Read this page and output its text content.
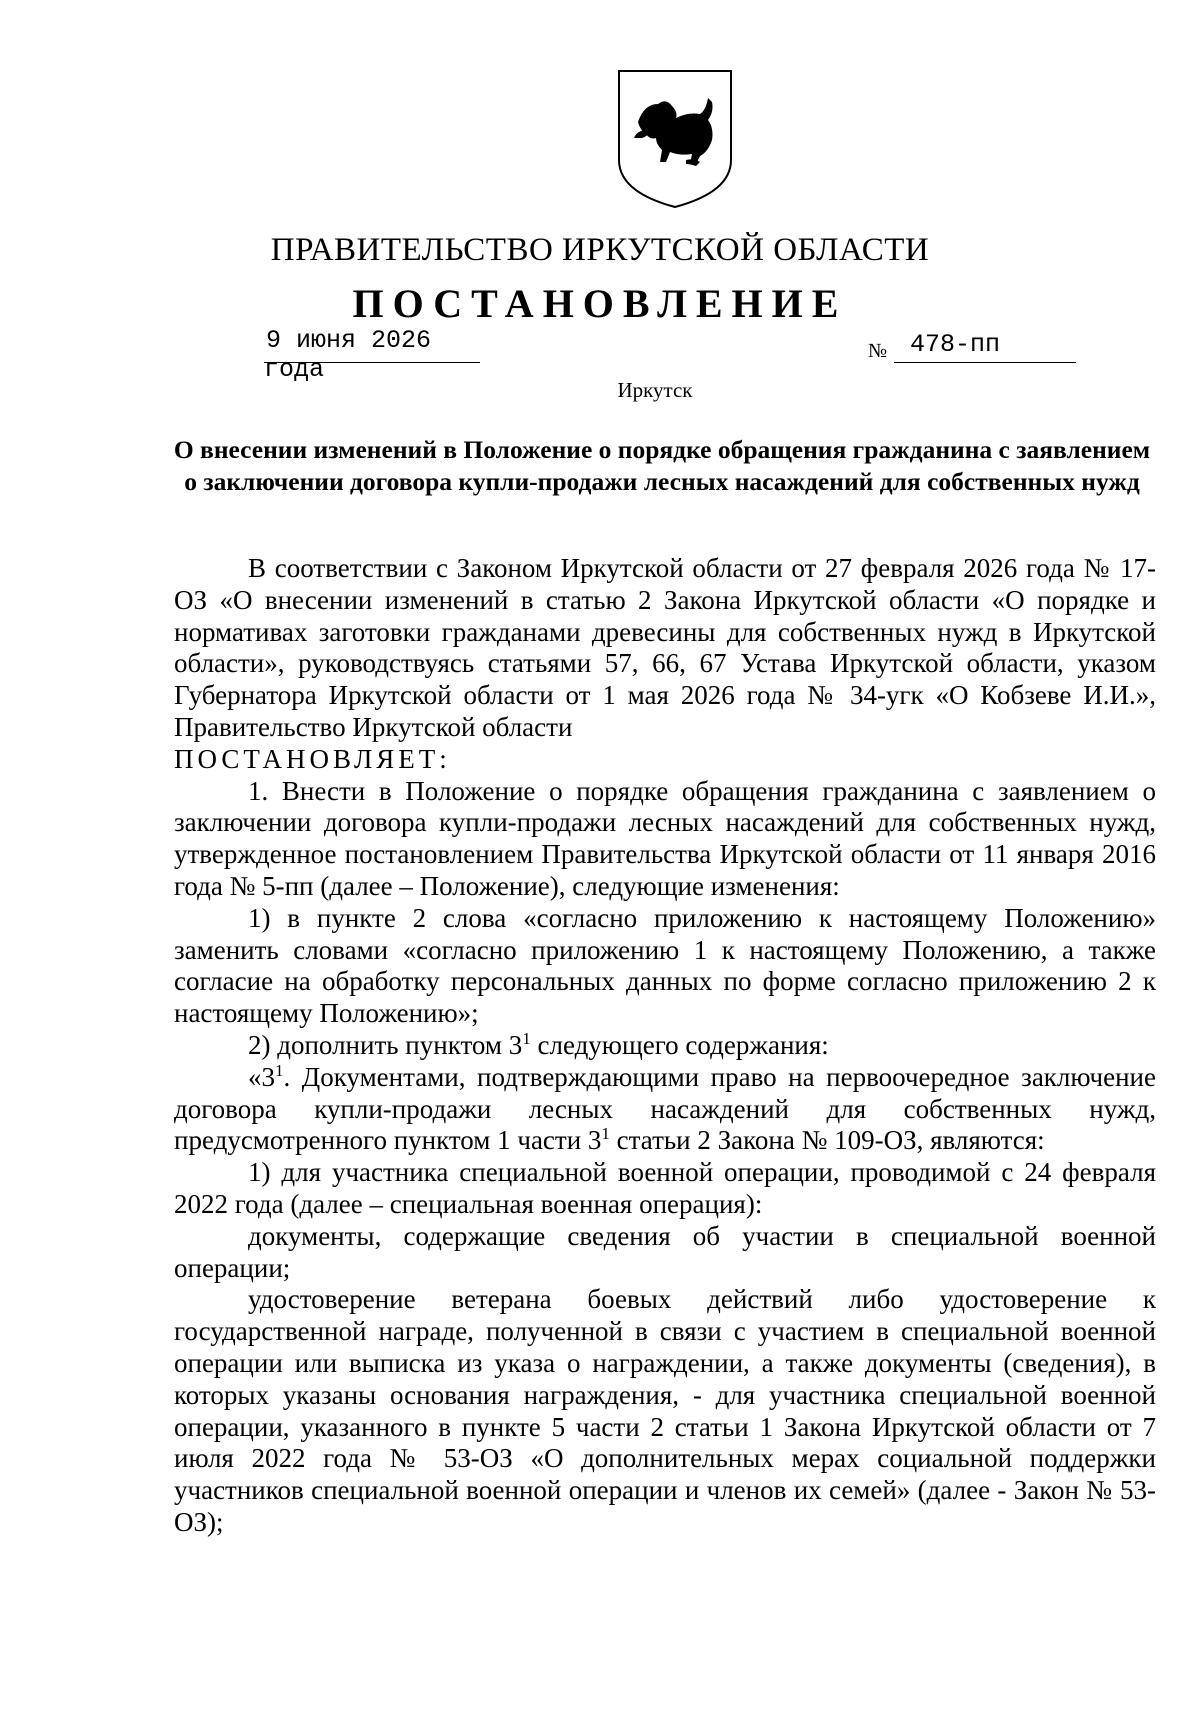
ПРАВИТЕЛЬСТВО ИРКУТСКОЙ ОБЛАСТИ
ПОСТАНОВЛЕНИЕ
9 июня 2026 года
№ 478-пп
Иркутск
О внесении изменений в Положение о порядке обращения гражданина с заявлением о заключении договора купли-продажи лесных насаждений для собственных нужд

В соответствии с Законом Иркутской области от 27 февраля 2026 года № 17-ОЗ «О внесении изменений в статью 2 Закона Иркутской области «О порядке и нормативах заготовки гражданами древесины для собственных нужд в Иркутской области», руководствуясь статьями 57, 66, 67 Устава Иркутской области, указом Губернатора Иркутской области от 1 мая 2026 года № 34-угк «О Кобзеве И.И.», Правительство Иркутской области

ПОСТАНОВЛЯЕТ:

1. Внести в Положение о порядке обращения гражданина с заявлением о заключении договора купли-продажи лесных насаждений для собственных нужд, утвержденное постановлением Правительства Иркутской области от 11 января 2016 года № 5-пп (далее – Положение), следующие изменения:

1) в пункте 2 слова «согласно приложению к настоящему Положению» заменить словами «согласно приложению 1 к настоящему Положению, а также согласие на обработку персональных данных по форме согласно приложению 2 к настоящему Положению»;

2) дополнить пунктом $3^1$ следующего содержания:

«$3^1$. Документами, подтверждающими право на первоочередное заключение договора купли-продажи лесных насаждений для собственных нужд, предусмотренного пунктом 1 части $3^1$ статьи 2 Закона № 109-ОЗ, являются:

1) для участника специальной военной операции, проводимой с 24 февраля 2022 года (далее – специальная военная операция):

документы, содержащие сведения об участии в специальной военной операции;

удостоверение ветерана боевых действий либо удостоверение к государственной награде, полученной в связи с участием в специальной военной операции или выписка из указа о награждении, а также документы (сведения), в которых указаны основания награждения, - для участника специальной военной операции, указанного в пункте 5 части 2 статьи 1 Закона Иркутской области от 7 июля 2022 года № 53-ОЗ «О дополнительных мерах социальной поддержки участников специальной военной операции и членов их семей» (далее - Закон № 53-ОЗ);
